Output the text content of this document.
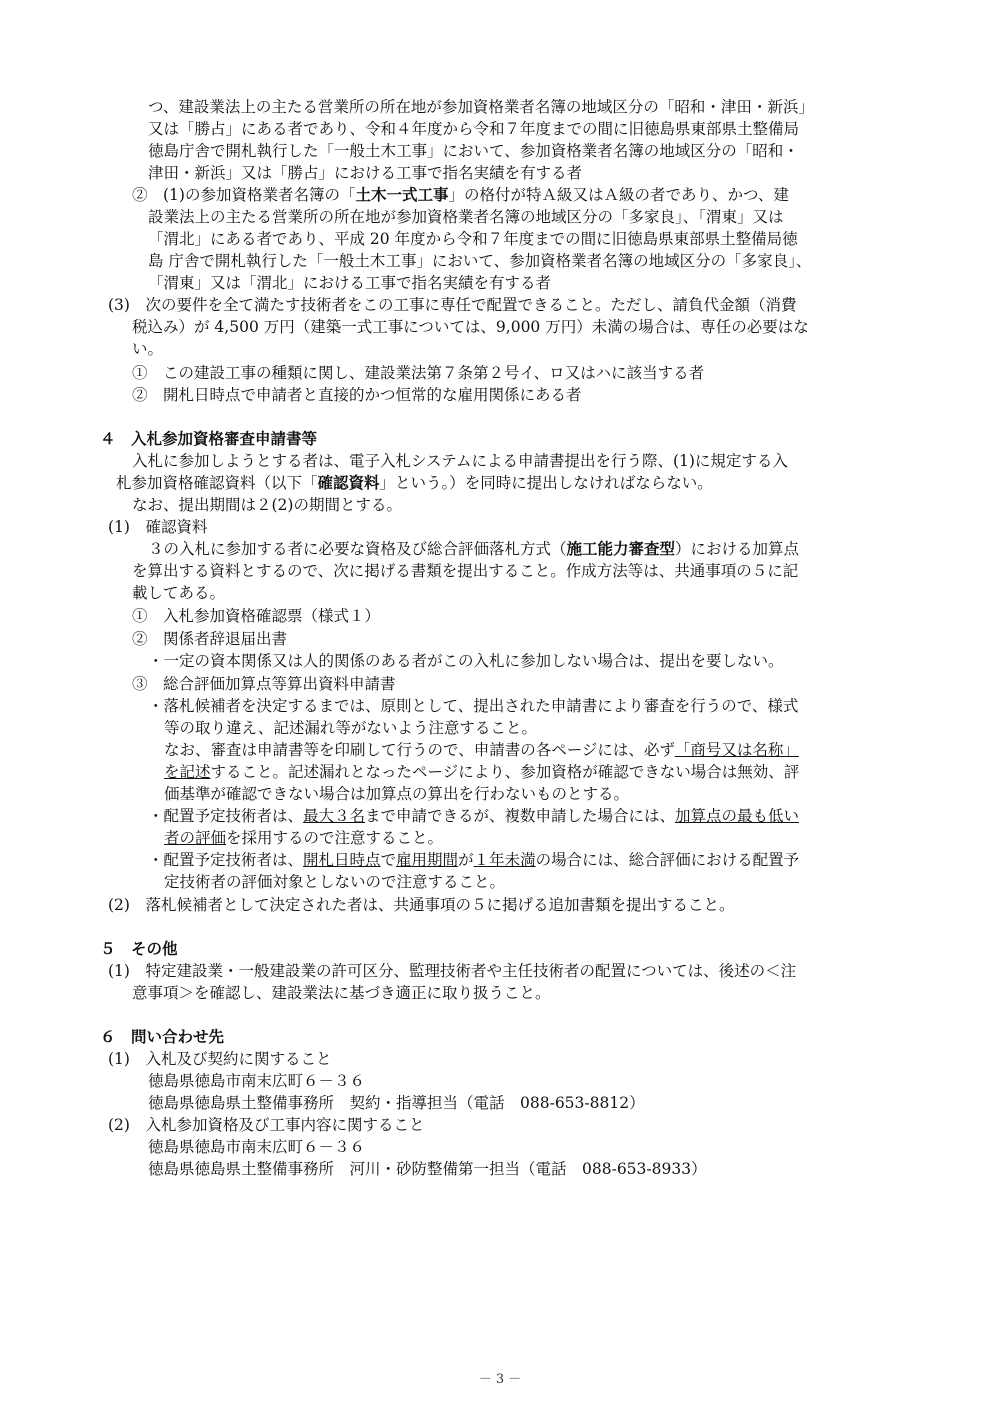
つ、建設業法上の主たる営業所の所在地が参加資格業者名簿の地域区分の「昭和・津田・新浜」
又は「勝占」にある者であり、令和４年度から令和７年度までの間に旧徳島県東部県土整備局
徳島庁舎で開札執行した「一般土木工事」において、参加資格業者名簿の地域区分の「昭和・
津田・新浜」又は「勝占」における工事で指名実績を有する者
②　(1)の参加資格業者名簿の「土木一式工事」の格付が特Ａ級又はＡ級の者であり、かつ、建
設業法上の主たる営業所の所在地が参加資格業者名簿の地域区分の「多家良」、「渭東」又は
「渭北」にある者であり、平成 20 年度から令和７年度までの間に旧徳島県東部県土整備局徳
島 庁舎で開札執行した「一般土木工事」において、参加資格業者名簿の地域区分の「多家良」、
「渭東」又は「渭北」における工事で指名実績を有する者
(3)　次の要件を全て満たす技術者をこの工事に専任で配置できること。ただし、請負代金額（消費
税込み）が 4,500 万円（建築一式工事については、9,000 万円）未満の場合は、専任の必要はな
い。
①　この建設工事の種類に関し、建設業法第７条第２号イ、ロ又はハに該当する者
②　開札日時点で申請者と直接的かつ恒常的な雇用関係にある者
４　入札参加資格審査申請書等
入札に参加しようとする者は、電子入札システムによる申請書提出を行う際、(1)に規定する入
札参加資格確認資料（以下「確認資料」という。）を同時に提出しなければならない。
なお、提出期間は２(2)の期間とする。
(1)　確認資料
３の入札に参加する者に必要な資格及び総合評価落札方式（施工能力審査型）における加算点
を算出する資料とするので、次に掲げる書類を提出すること。作成方法等は、共通事項の５に記
載してある。
①　入札参加資格確認票（様式１）
②　関係者辞退届出書
・一定の資本関係又は人的関係のある者がこの入札に参加しない場合は、提出を要しない。
③　総合評価加算点等算出資料申請書
・落札候補者を決定するまでは、原則として、提出された申請書により審査を行うので、様式
等の取り違え、記述漏れ等がないよう注意すること。
なお、審査は申請書等を印刷して行うので、申請書の各ページには、必ず「商号又は名称」
を記述すること。記述漏れとなったページにより、参加資格が確認できない場合は無効、評
価基準が確認できない場合は加算点の算出を行わないものとする。
・配置予定技術者は、最大３名まで申請できるが、複数申請した場合には、加算点の最も低い
者の評価を採用するので注意すること。
・配置予定技術者は、開札日時点で雇用期間が１年未満の場合には、総合評価における配置予
定技術者の評価対象としないので注意すること。
(2)　落札候補者として決定された者は、共通事項の５に掲げる追加書類を提出すること。
５　その他
(1)　特定建設業・一般建設業の許可区分、監理技術者や主任技術者の配置については、後述の＜注
意事項＞を確認し、建設業法に基づき適正に取り扱うこと。
６　問い合わせ先
(1)　入札及び契約に関すること
徳島県徳島市南末広町６－３６
徳島県徳島県土整備事務所　契約・指導担当（電話　088-653-8812）
(2)　入札参加資格及び工事内容に関すること
徳島県徳島市南末広町６－３６
徳島県徳島県土整備事務所　河川・砂防整備第一担当（電話　088-653-8933）
－ 3 －
